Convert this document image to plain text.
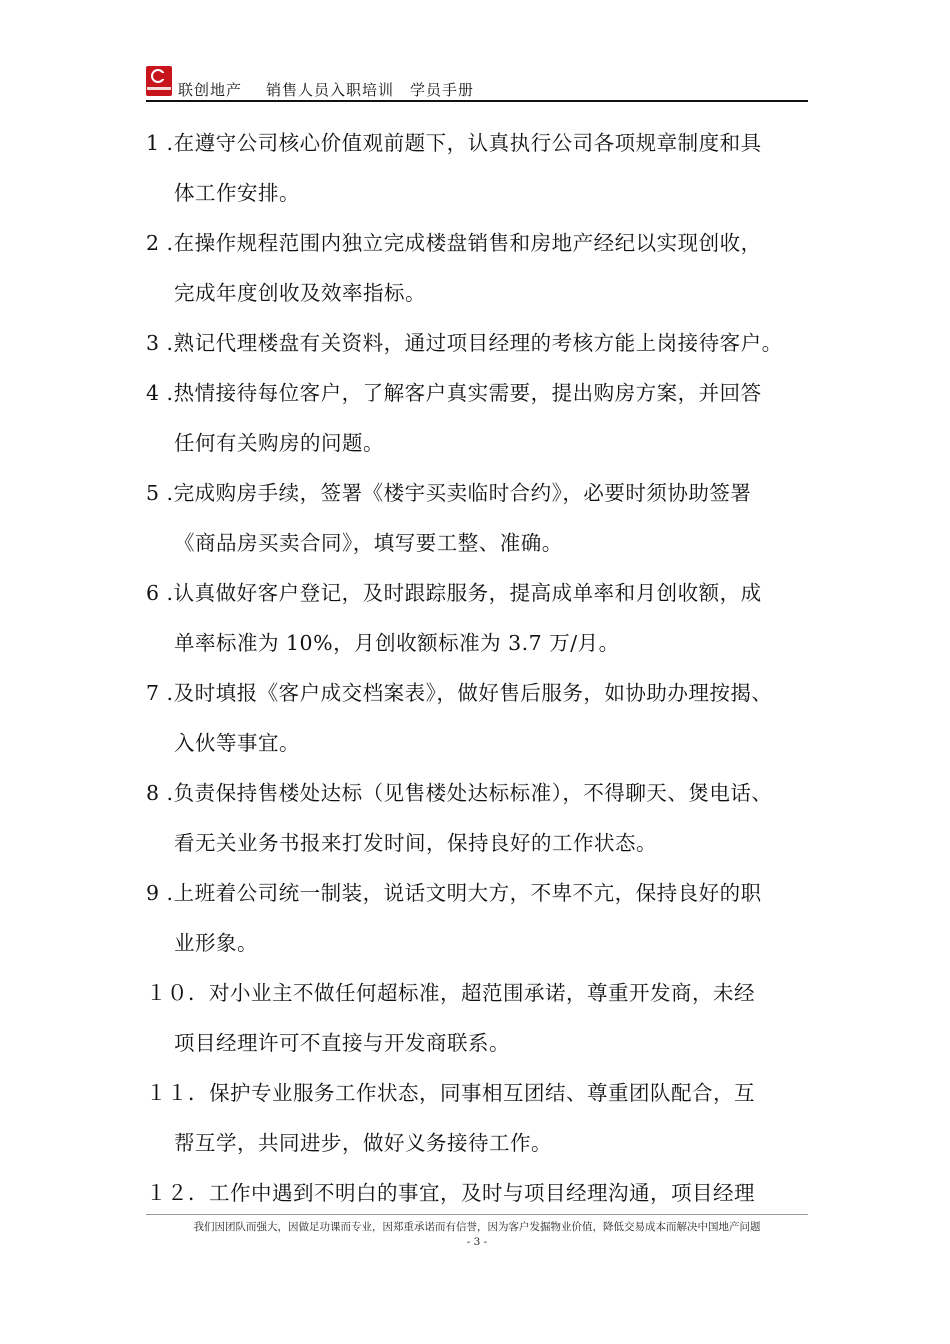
联创地产 销售人员入职培训　学员手册
1 .在遵守公司核心价值观前题下，认真执行公司各项规章制度和具
体工作安排。
2 .在操作规程范围内独立完成楼盘销售和房地产经纪以实现创收，
完成年度创收及效率指标。
3 .熟记代理楼盘有关资料，通过项目经理的考核方能上岗接待客户。
4 .热情接待每位客户，了解客户真实需要，提出购房方案，并回答
任何有关购房的问题。
5 .完成购房手续，签署《楼宇买卖临时合约》，必要时须协助签署
《商品房买卖合同》，填写要工整、准确。
6 .认真做好客户登记，及时跟踪服务，提高成单率和月创收额，成
单率标准为 10%，月创收额标准为 3.7 万/月。
7 .及时填报《客户成交档案表》，做好售后服务，如协助办理按揭、
入伙等事宜。
8 .负责保持售楼处达标（见售楼处达标标准），不得聊天、煲电话、
看无关业务书报来打发时间，保持良好的工作状态。
9 .上班着公司统一制装，说话文明大方，不卑不亢，保持良好的职
业形象。
１０．对小业主不做任何超标准，超范围承诺，尊重开发商，未经
项目经理许可不直接与开发商联系。
１１．保护专业服务工作状态，同事相互团结、尊重团队配合，互
帮互学，共同进步，做好义务接待工作。
１２．工作中遇到不明白的事宜，及时与项目经理沟通，项目经理
我们因团队而强大，因做足功课而专业，因郑重承诺而有信誉，因为客户发掘物业价值，降低交易成本而解决中国地产问题
- 3 -
